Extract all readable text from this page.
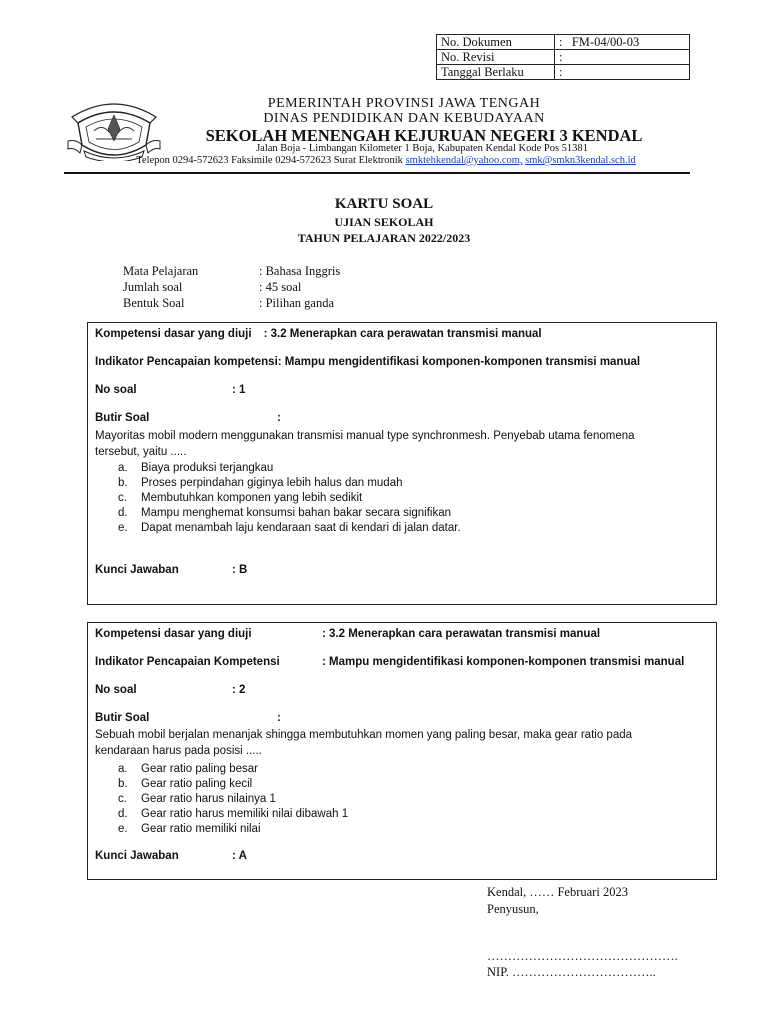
No. Dokumen	: FM-04/00-03
No. Revisi	:
Tanggal Berlaku	:
PEMERINTAH PROVINSI JAWA TENGAH
DINAS PENDIDIKAN DAN KEBUDAYAAN
SEKOLAH MENENGAH KEJURUAN NEGERI 3 KENDAL
Jalan Boja - Limbangan Kilometer 1 Boja, Kabupaten Kendal Kode Pos 51381
Telepon 0294-572623 Faksimile 0294-572623 Surat Elektronik smktehkendal@yahoo.com, smk@smkn3kendal.sch.id
KARTU SOAL
UJIAN SEKOLAH
TAHUN PELAJARAN 2022/2023
Mata Pelajaran	: Bahasa Inggris
Jumlah soal	: 45 soal
Bentuk Soal	: Pilihan ganda
Kompetensi dasar yang diuji : 3.2 Menerapkan cara perawatan transmisi manual
Indikator Pencapaian kompetensi: Mampu mengidentifikasi komponen-komponen transmisi manual
No soal	: 1
Butir Soal	:
Mayoritas mobil modern menggunakan transmisi manual type synchronmesh. Penyebab utama fenomena
tersebut, yaitu .....
a. Biaya produksi terjangkau
b. Proses perpindahan giginya lebih halus dan mudah
c. Membutuhkan komponen yang lebih sedikit
d. Mampu menghemat konsumsi bahan bakar secara signifikan
e. Dapat menambah laju kendaraan saat di kendari di jalan datar.
Kunci Jawaban	: B
Kompetensi dasar yang diuji	: 3.2 Menerapkan cara perawatan transmisi manual
Indikator Pencapaian Kompetensi	: Mampu mengidentifikasi komponen-komponen transmisi manual
No soal	: 2
Butir Soal	:
Sebuah mobil berjalan menanjak shingga membutuhkan momen yang paling besar, maka gear ratio pada
kendaraan harus pada posisi .....
a. Gear ratio paling besar
b. Gear ratio paling kecil
c. Gear ratio harus nilainya 1
d. Gear ratio harus memiliki nilai dibawah 1
e. Gear ratio memiliki nilai
Kunci Jawaban	: A
Kendal, …… Februari 2023
Penyusun,
……………………………………….
NIP. ……………………………..
